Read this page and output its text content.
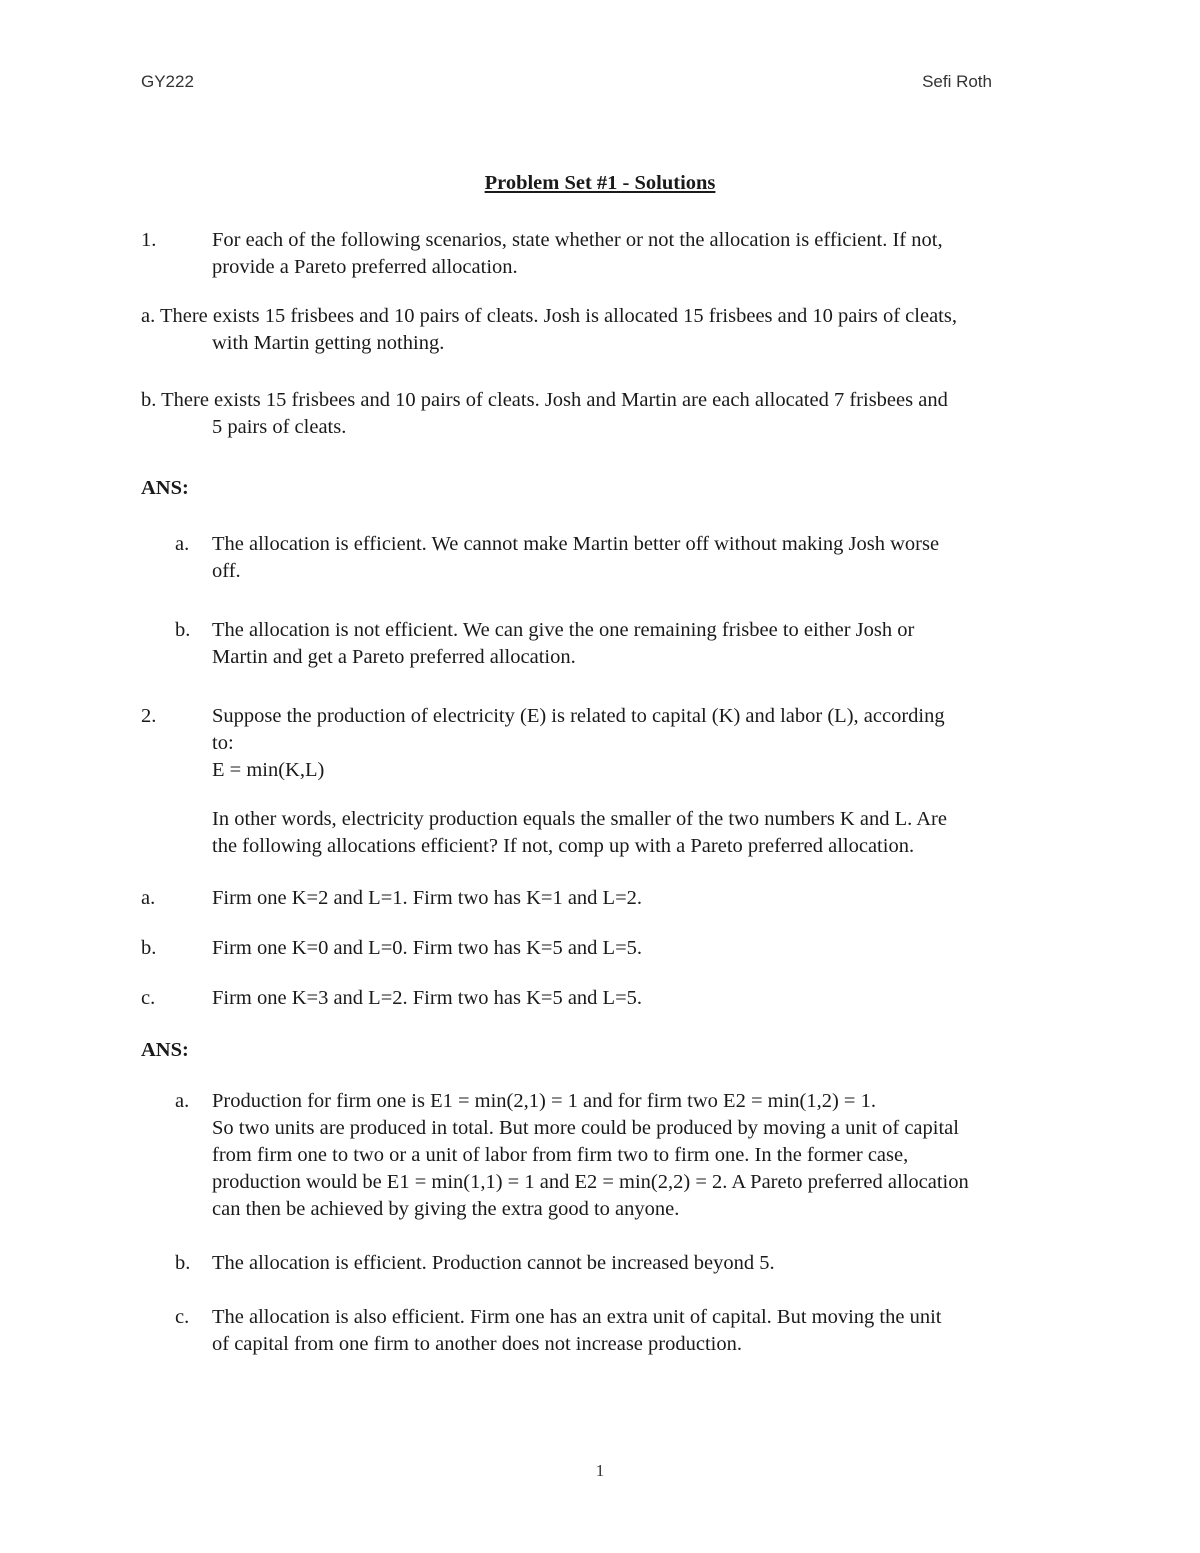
GY222	Sefi Roth
Problem Set #1 - Solutions
1.	For each of the following scenarios, state whether or not the allocation is efficient. If not,
provide a Pareto preferred allocation.
a. There exists 15 frisbees and 10 pairs of cleats. Josh is allocated 15 frisbees and 10 pairs of cleats,
with Martin getting nothing.
b. There exists 15 frisbees and 10 pairs of cleats. Josh and Martin are each allocated 7 frisbees and
5 pairs of cleats.
ANS:
a. The allocation is efficient. We cannot make Martin better off without making Josh worse
off.
b. The allocation is not efficient. We can give the one remaining frisbee to either Josh or
Martin and get a Pareto preferred allocation.
2.	Suppose the production of electricity (E) is related to capital (K) and labor (L), according
to:
E = min(K,L)
In other words, electricity production equals the smaller of the two numbers K and L. Are
the following allocations efficient? If not, comp up with a Pareto preferred allocation.
a.	Firm one K=2 and L=1. Firm two has K=1 and L=2.
b.	Firm one K=0 and L=0. Firm two has K=5 and L=5.
c.	Firm one K=3 and L=2. Firm two has K=5 and L=5.
ANS:
a. Production for firm one is E1 = min(2,1) = 1 and for firm two E2 = min(1,2) = 1.
So two units are produced in total. But more could be produced by moving a unit of capital
from firm one to two or a unit of labor from firm two to firm one. In the former case,
production would be E1 = min(1,1) = 1 and E2 = min(2,2) = 2. A Pareto preferred allocation
can then be achieved by giving the extra good to anyone.
b. The allocation is efficient. Production cannot be increased beyond 5.
c. The allocation is also efficient. Firm one has an extra unit of capital. But moving the unit
of capital from one firm to another does not increase production.
1
